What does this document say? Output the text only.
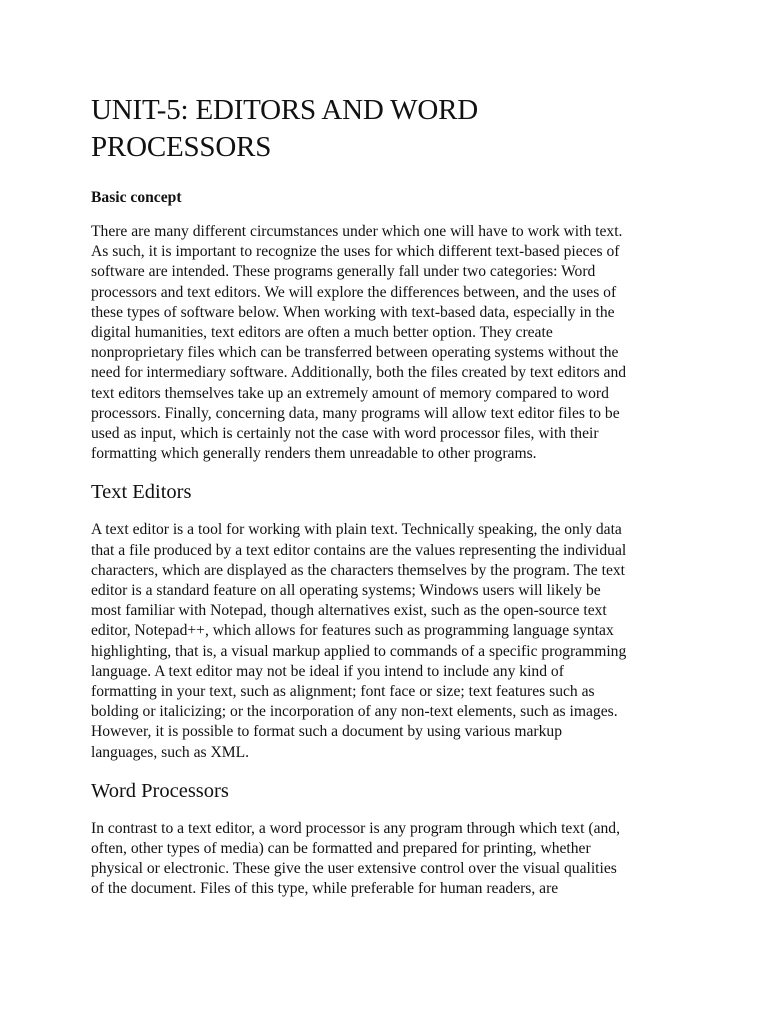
UNIT-5: EDITORS AND WORD
PROCESSORS
Basic concept

There are many different circumstances under which one will have to work with text.
As such, it is important to recognize the uses for which different text-based pieces of
software are intended. These programs generally fall under two categories: Word
processors and text editors. We will explore the differences between, and the uses of
these types of software below. When working with text-based data, especially in the
digital humanities, text editors are often a much better option. They create
nonproprietary files which can be transferred between operating systems without the
need for intermediary software. Additionally, both the files created by text editors and
text editors themselves take up an extremely amount of memory compared to word
processors. Finally, concerning data, many programs will allow text editor files to be
used as input, which is certainly not the case with word processor files, with their
formatting which generally renders them unreadable to other programs.

Text Editors

A text editor is a tool for working with plain text. Technically speaking, the only data
that a file produced by a text editor contains are the values representing the individual
characters, which are displayed as the characters themselves by the program. The text
editor is a standard feature on all operating systems; Windows users will likely be
most familiar with Notepad, though alternatives exist, such as the open-source text
editor, Notepad++, which allows for features such as programming language syntax
highlighting, that is, a visual markup applied to commands of a specific programming
language. A text editor may not be ideal if you intend to include any kind of
formatting in your text, such as alignment; font face or size; text features such as
bolding or italicizing; or the incorporation of any non-text elements, such as images.
However, it is possible to format such a document by using various markup
languages, such as XML.

Word Processors

In contrast to a text editor, a word processor is any program through which text (and,
often, other types of media) can be formatted and prepared for printing, whether
physical or electronic. These give the user extensive control over the visual qualities
of the document. Files of this type, while preferable for human readers, are
